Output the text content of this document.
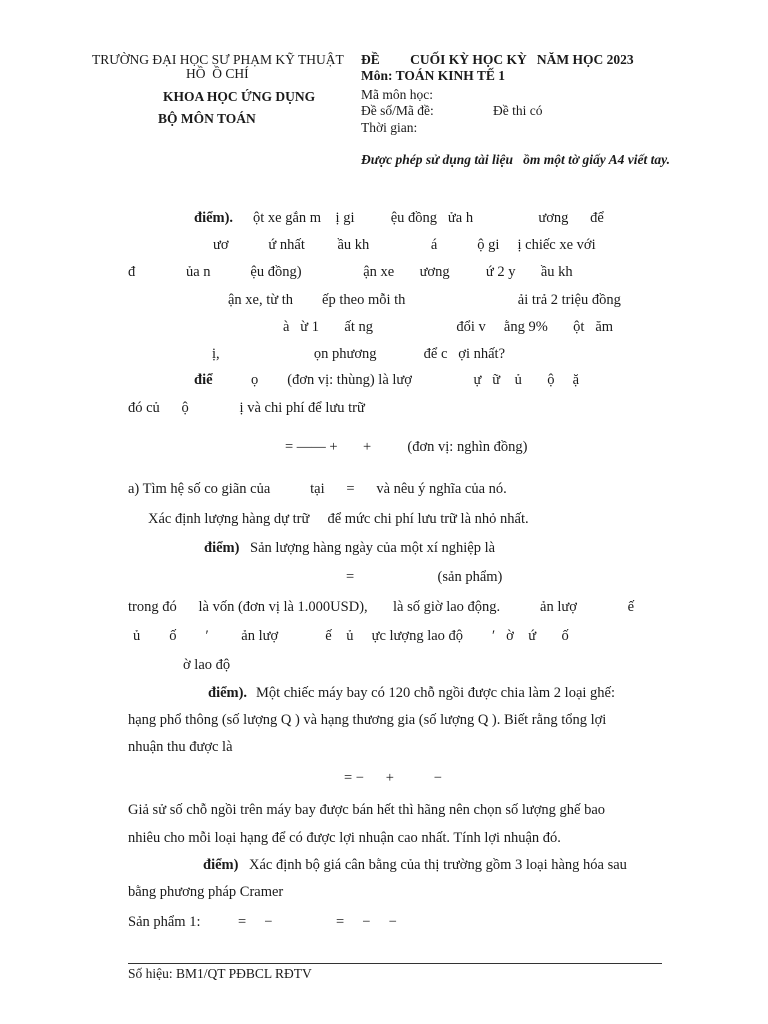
TRƯỜNG ĐẠI HỌC SƯ PHẠM KỸ THUẬT
HỒ  Ồ CHÍ
KHOA HỌC ỨNG DỤNG
BỘ MÔN TOÁN
ĐỀ         CUỐI KỲ HỌC KỲ   NĂM HỌC 2023
Môn: TOÁN KINH TẾ 1
Mã môn học:
Đề số/Mã đề:	Đề thi có
Thời gian:
Được phép sử dụng tài liệu   ồm một tờ giấy A4 viết tay.
điểm). ột xe gắn m    ị gi          ệu đồng   ửa h                  ương      để
ươ           ứ nhất         ầu kh                 á           ộ gi     ị chiếc xe với
đ              ủa n           ệu đồng)                 ận xe       ương          ứ 2 y       ầu kh
ận xe, từ th        ếp theo mỗi th                               ải trả 2 triệu đồng
à   ừ 1       ất ng                       đổi v     ằng 9%       ột   ăm
ị,                          ọn phương             để c   ợi nhất?
điể	ọ        (đơn vị: thùng) là lượ                 ự   ữ    ủ       ộ     ặ
đó củ      ộ              ị và chi phí để lưu trữ
= —— +       +          (đơn vị: nghìn đồng)
a) Tìm hệ số co giãn của           tại      =      và nêu ý nghĩa của nó.
Xác định lượng hàng dự trữ     để mức chi phí lưu trữ là nhỏ nhất.
điểm) Sản lượng hàng ngày của một xí nghiệp là
=                       (sản phẩm)
trong đó      là vốn (đơn vị là 1.000USD),       là số giờ lao động.           ản lượ              ế
ủ        ố        ′         ản lượ             ế    ủ     ực lượng lao độ        ′   ờ    ứ       ố
ờ lao độ
điểm). Một chiếc máy bay có 120 chỗ ngồi được chia làm 2 loại ghế:
hạng phổ thông (số lượng Q ) và hạng thương gia (số lượng Q ). Biết rằng tổng lợi
nhuận thu được là
= −      +           −
Giả sử số chỗ ngồi trên máy bay được bán hết thì hãng nên chọn số lượng ghế bao
nhiêu cho mỗi loại hạng để có được lợi nhuận cao nhất. Tính lợi nhuận đó.
điểm) Xác định bộ giá cân bằng của thị trường gồm 3 loại hàng hóa sau
bằng phương pháp Cramer
Sản phẩm 1:	=     −	=     −     −
Số hiệu: BM1/QT PĐBCL RĐTV
